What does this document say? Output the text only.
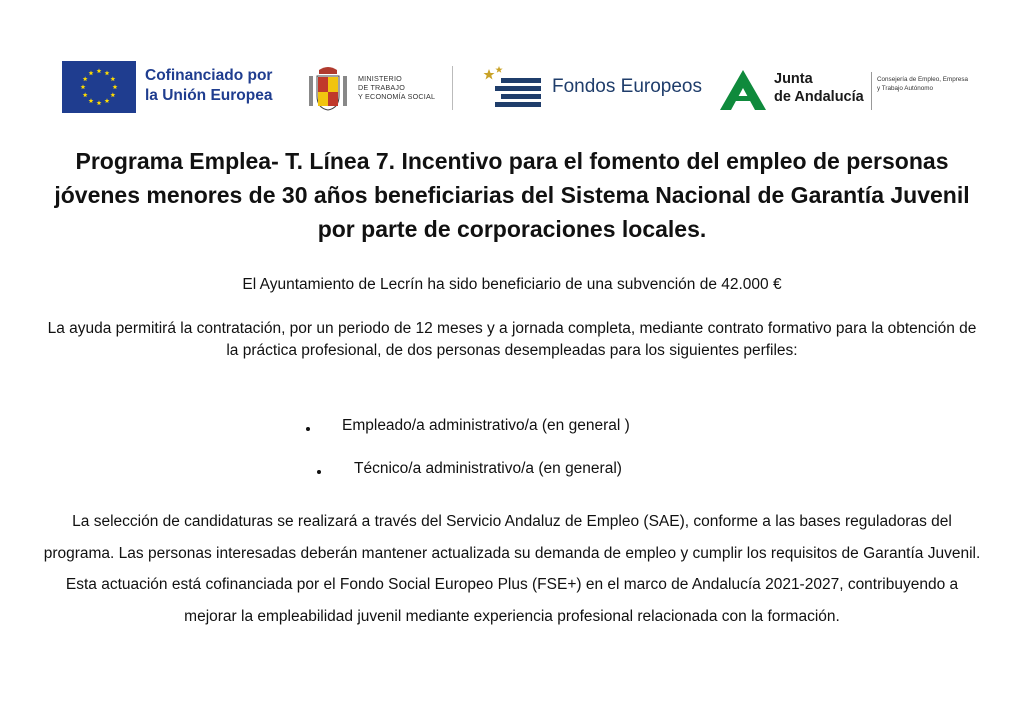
Cofinanciado por
la Unión Europea
MINISTERIO
DE TRABAJO
Y ECONOMÍA SOCIAL	Fondos Europeos	Junta
de Andalucía
Consejería de Empleo, Empresa
y Trabajo Autónomo
Programa Emplea- T. Línea 7. Incentivo para el fomento del empleo de personas jóvenes menores de 30 años beneficiarias del Sistema Nacional de Garantía Juvenil por parte de corporaciones locales.

El Ayuntamiento de Lecrín ha sido beneficiario de una subvención de 42.000 €

La ayuda permitirá la contratación, por un periodo de 12 meses y a jornada completa, mediante contrato formativo para la obtención de la práctica profesional, de dos personas desempleadas para los siguientes perfiles:

Empleado/a administrativo/a (en general )
Técnico/a administrativo/a (en general)

La selección de candidaturas se realizará a través del Servicio Andaluz de Empleo (SAE), conforme a las bases reguladoras del programa. Las personas interesadas deberán mantener actualizada su demanda de empleo y cumplir los requisitos de Garantía Juvenil. Esta actuación está cofinanciada por el Fondo Social Europeo Plus (FSE+) en el marco de Andalucía 2021-2027, contribuyendo a mejorar la empleabilidad juvenil mediante experiencia profesional relacionada con la formación.
